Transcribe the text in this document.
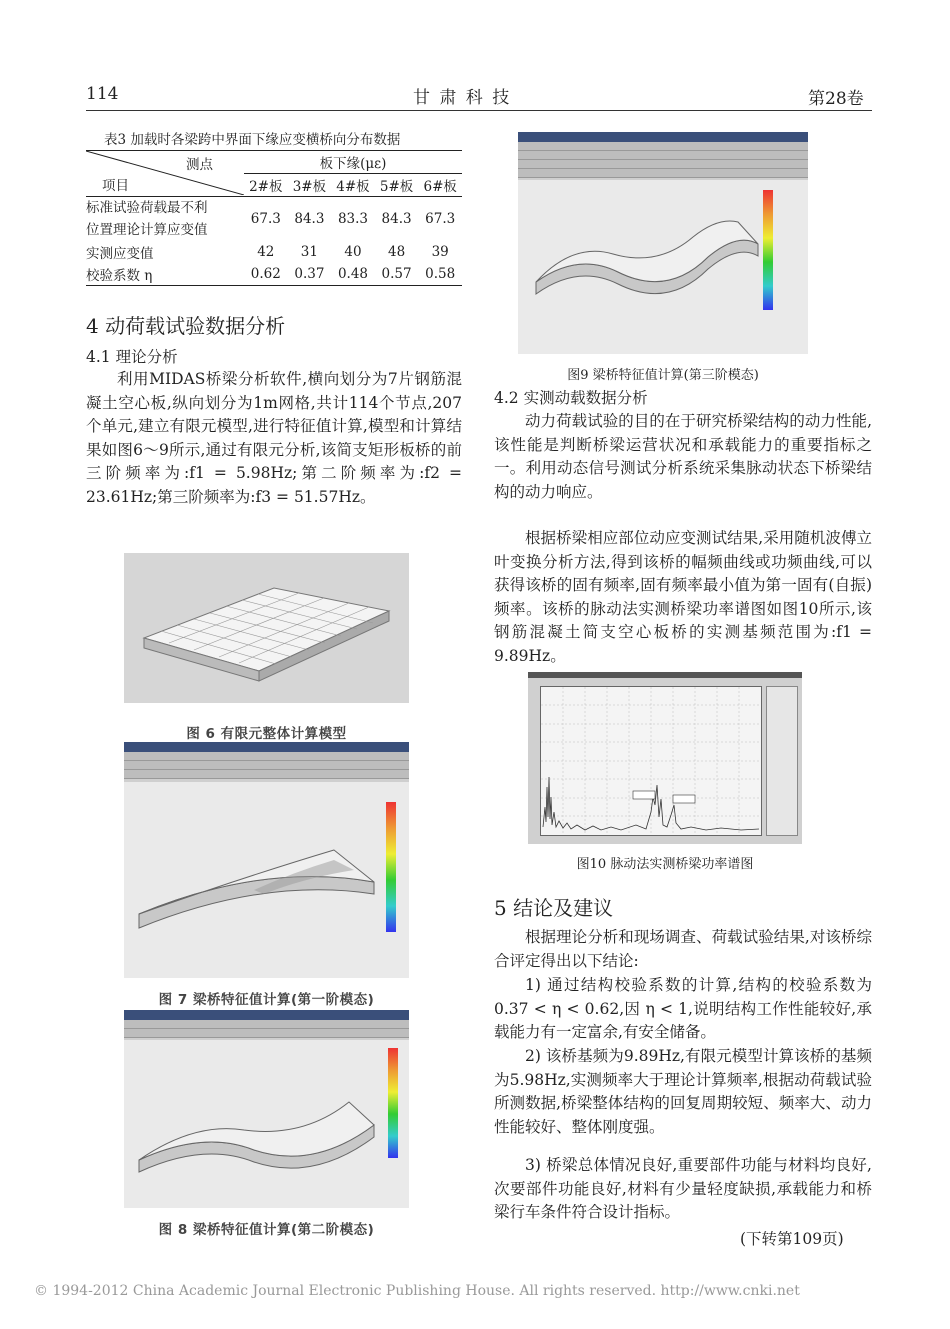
114	甘 肃 科 技	第28卷
表3 加载时各梁跨中界面下缘应变横桥向分布数据
测点
项目	板下缘(με)				
	2#板	3#板	4#板	5#板	6#板

标准试验荷载最不利
位置理论计算应变值	67.3	84.3	83.3	84.3	67.3
实测应变值	42	31	40	48	39
校验系数 η	0.62	0.37	0.48	0.57	0.58
4 动荷载试验数据分析
4.1 理论分析
利用MIDAS桥梁分析软件,横向划分为7片钢筋混凝土空心板,纵向划分为1m网格,共计114个节点,207个单元,建立有限元模型,进行特征值计算,模型和计算结果如图6～9所示,通过有限元分析,该简支矩形板桥的前三阶频率为:f1 = 5.98Hz;第二阶频率为:f2 = 23.61Hz;第三阶频率为:f3 = 51.57Hz。
图 6 有限元整体计算模型
图 7 梁桥特征值计算(第一阶模态)
图 8 梁桥特征值计算(第二阶模态)
图9 梁桥特征值计算(第三阶模态)
4.2 实测动载数据分析
动力荷载试验的目的在于研究桥梁结构的动力性能,该性能是判断桥梁运营状况和承载能力的重要指标之一。利用动态信号测试分析系统采集脉动状态下桥梁结构的动力响应。
根据桥梁相应部位动应变测试结果,采用随机波傅立叶变换分析方法,得到该桥的幅频曲线或功频曲线,可以获得该桥的固有频率,固有频率最小值为第一固有(自振)频率。该桥的脉动法实测桥梁功率谱图如图10所示,该钢筋混凝土简支空心板桥的实测基频范围为:f1 = 9.89Hz。
图10 脉动法实测桥梁功率谱图
5 结论及建议
根据理论分析和现场调查、荷载试验结果,对该桥综合评定得出以下结论:
1) 通过结构校验系数的计算,结构的校验系数为0.37 < η < 0.62,因 η < 1,说明结构工作性能较好,承载能力有一定富余,有安全储备。
2) 该桥基频为9.89Hz,有限元模型计算该桥的基频为5.98Hz,实测频率大于理论计算频率,根据动荷载试验所测数据,桥梁整体结构的回复周期较短、频率大、动力性能较好、整体刚度强。
3) 桥梁总体情况良好,重要部件功能与材料均良好,次要部件功能良好,材料有少量轻度缺损,承载能力和桥梁行车条件符合设计指标。
(下转第109页)
© 1994-2012 China Academic Journal Electronic Publishing House. All rights reserved. http://www.cnki.net
